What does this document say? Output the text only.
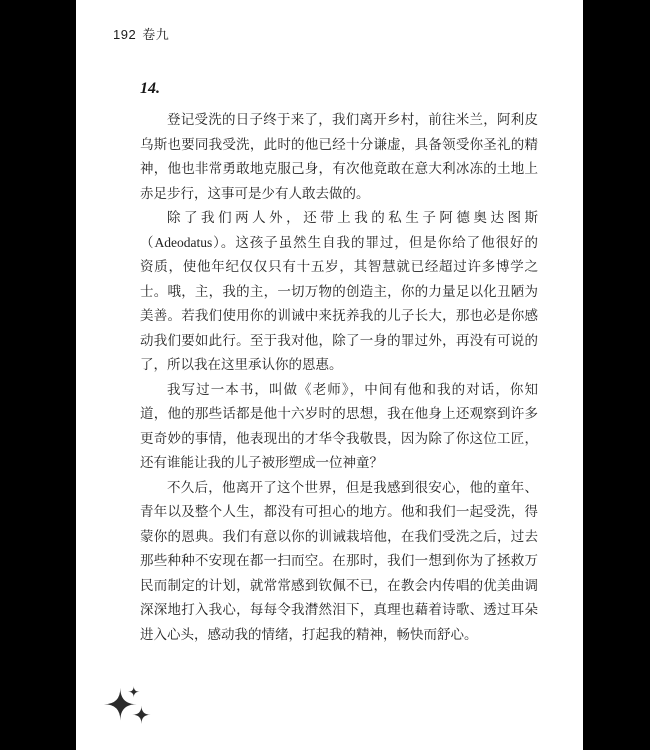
192 卷九
14.
登记受洗的日子终于来了，我们离开乡村，前往米兰，阿利皮
乌斯也要同我受洗，此时的他已经十分谦虚，具备领受你圣礼的精
神，他也非常勇敢地克服己身，有次他竟敢在意大利冰冻的土地上
赤足步行，这事可是少有人敢去做的。
除了我们两人外，还带上我的私生子阿德奥达图斯
（Adeodatus）。这孩子虽然生自我的罪过，但是你给了他很好的
资质，使他年纪仅仅只有十五岁，其智慧就已经超过许多博学之
士。哦，主，我的主，一切万物的创造主，你的力量足以化丑陋为
美善。若我们使用你的训诫中来抚养我的儿子长大，那也必是你感
动我们要如此行。至于我对他，除了一身的罪过外，再没有可说的
了，所以我在这里承认你的恩惠。
我写过一本书，叫做《老师》，中间有他和我的对话，你知
道，他的那些话都是他十六岁时的思想，我在他身上还观察到许多
更奇妙的事情，他表现出的才华令我敬畏，因为除了你这位工匠，
还有谁能让我的儿子被形塑成一位神童？
不久后，他离开了这个世界，但是我感到很安心，他的童年、
青年以及整个人生，都没有可担心的地方。他和我们一起受洗，得
蒙你的恩典。我们有意以你的训诫栽培他，在我们受洗之后，过去
那些种种不安现在都一扫而空。在那时，我们一想到你为了拯救万
民而制定的计划，就常常感到钦佩不已，在教会内传唱的优美曲调
深深地打入我心，每每令我潸然泪下，真理也藉着诗歌、透过耳朵
进入心头，感动我的情绪，打起我的精神，畅快而舒心。
